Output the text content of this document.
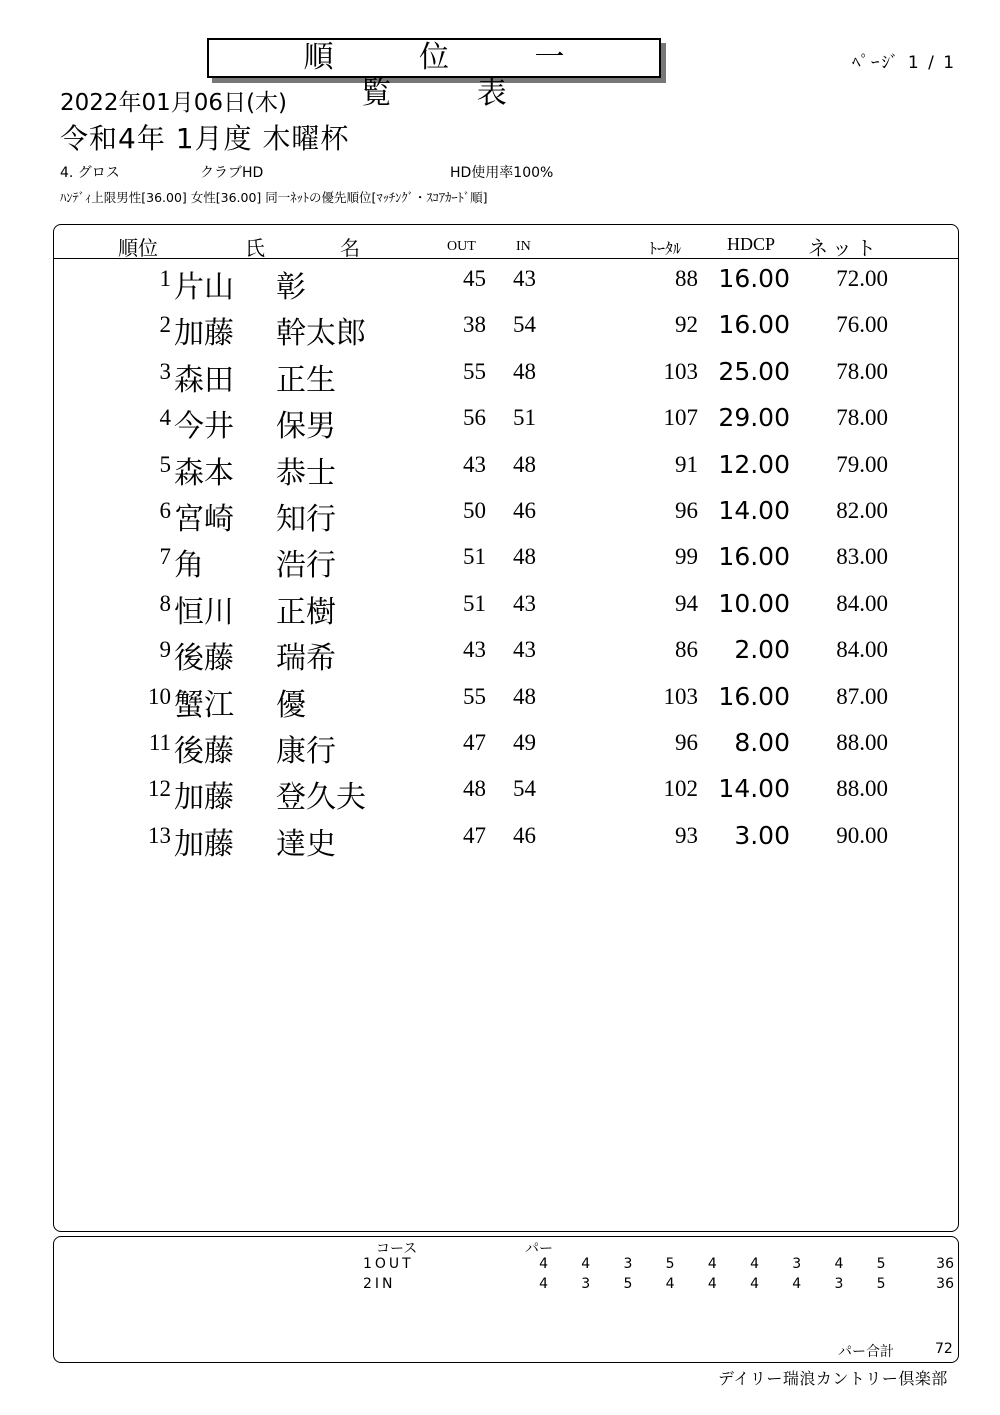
順 位 一 覧 表
ﾍﾟｰｼﾞ 1 / 1
2022年01月06日(木)
令和4年 1月度 木曜杯
4. グロス	クラブHD	HD使用率100%
ﾊﾝﾃﾞｨ上限男性[36.00] 女性[36.00] 同一ﾈｯﾄの優先順位[ﾏｯﾁﾝｸﾞ・ｽｺｱｶｰﾄﾞ順]
順位	氏	名	OUT	IN	ﾄｰﾀﾙ	HDCP ネット
1 片山 彰	45 43	88 16.00 72.00
2 加藤 幹太郎	38 54	92 16.00 76.00
3 森田 正生	55 48	103 25.00 78.00
4 今井 保男	56 51	107 29.00 78.00
5 森本 恭士	43 48	91 12.00 79.00
6 宮崎 知行	50 46	96 14.00 82.00
7 角 浩行	51 48	99 16.00 83.00
8 恒川 正樹	51 43	94 10.00 84.00
9 後藤 瑞希	43 43	86 2.00 84.00
10 蟹江 優	55 48	103 16.00 87.00
11 後藤 康行	47 49	96 8.00 88.00
12 加藤 登久夫	48 54	102 14.00 88.00
13 加藤 達史	47 46	93 3.00 90.00
コース	パー
1OUT	4	4	3	5	4	4	3	4	5	36
2IN	4	3	5	4	4	4	4	3	5	36
パー合計	72
デイリー瑞浪カントリー倶楽部
